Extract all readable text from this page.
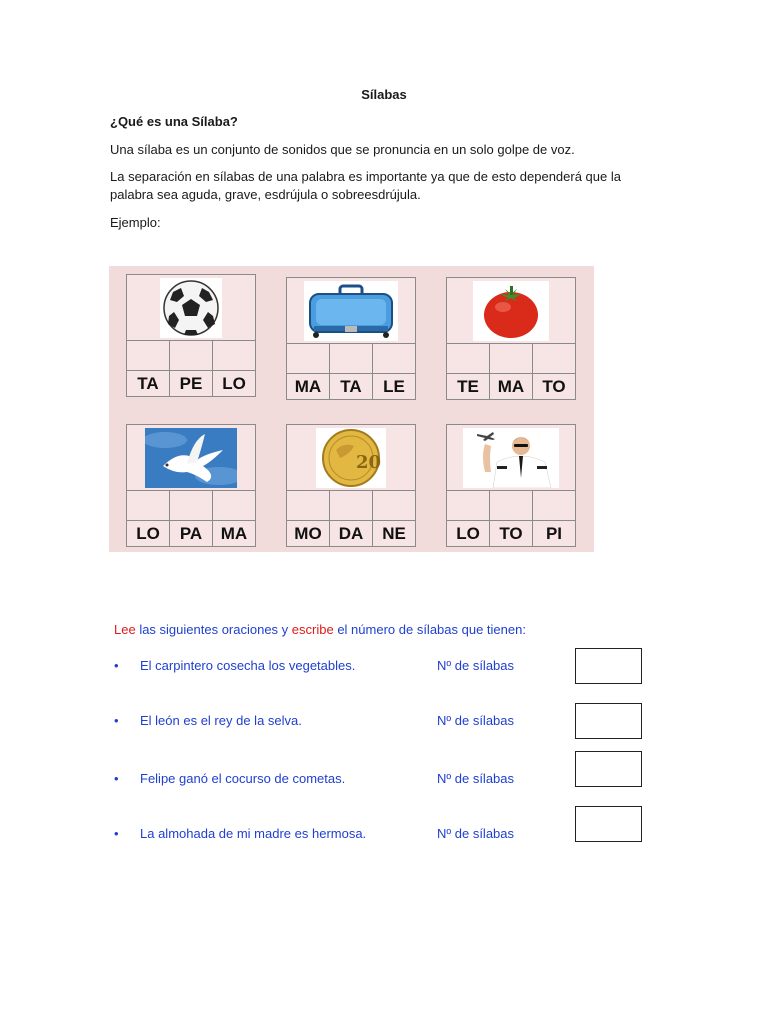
Sílabas
¿Qué es una Sílaba?
Una sílaba es un conjunto de sonidos que se pronuncia en un solo golpe de voz.
La separación en sílabas de una palabra es importante ya que de esto dependerá que la palabra sea aguda, grave, esdrújula o sobreesdrújula.
Ejemplo:
TA	PE	LO	MA	TA	LE	TE	MA	TO
LO	PA	MA
20
MO	DA	NE	LO	TO	PI
Lee las siguientes oraciones y escribe el número de sílabas que tienen:
• El carpintero cosecha los vegetables.	Nº de sílabas
• El león es el rey de la selva.	Nº de sílabas
• Felipe ganó el cocurso de cometas.	Nº de sílabas
• La almohada de mi madre es hermosa.	Nº de sílabas
